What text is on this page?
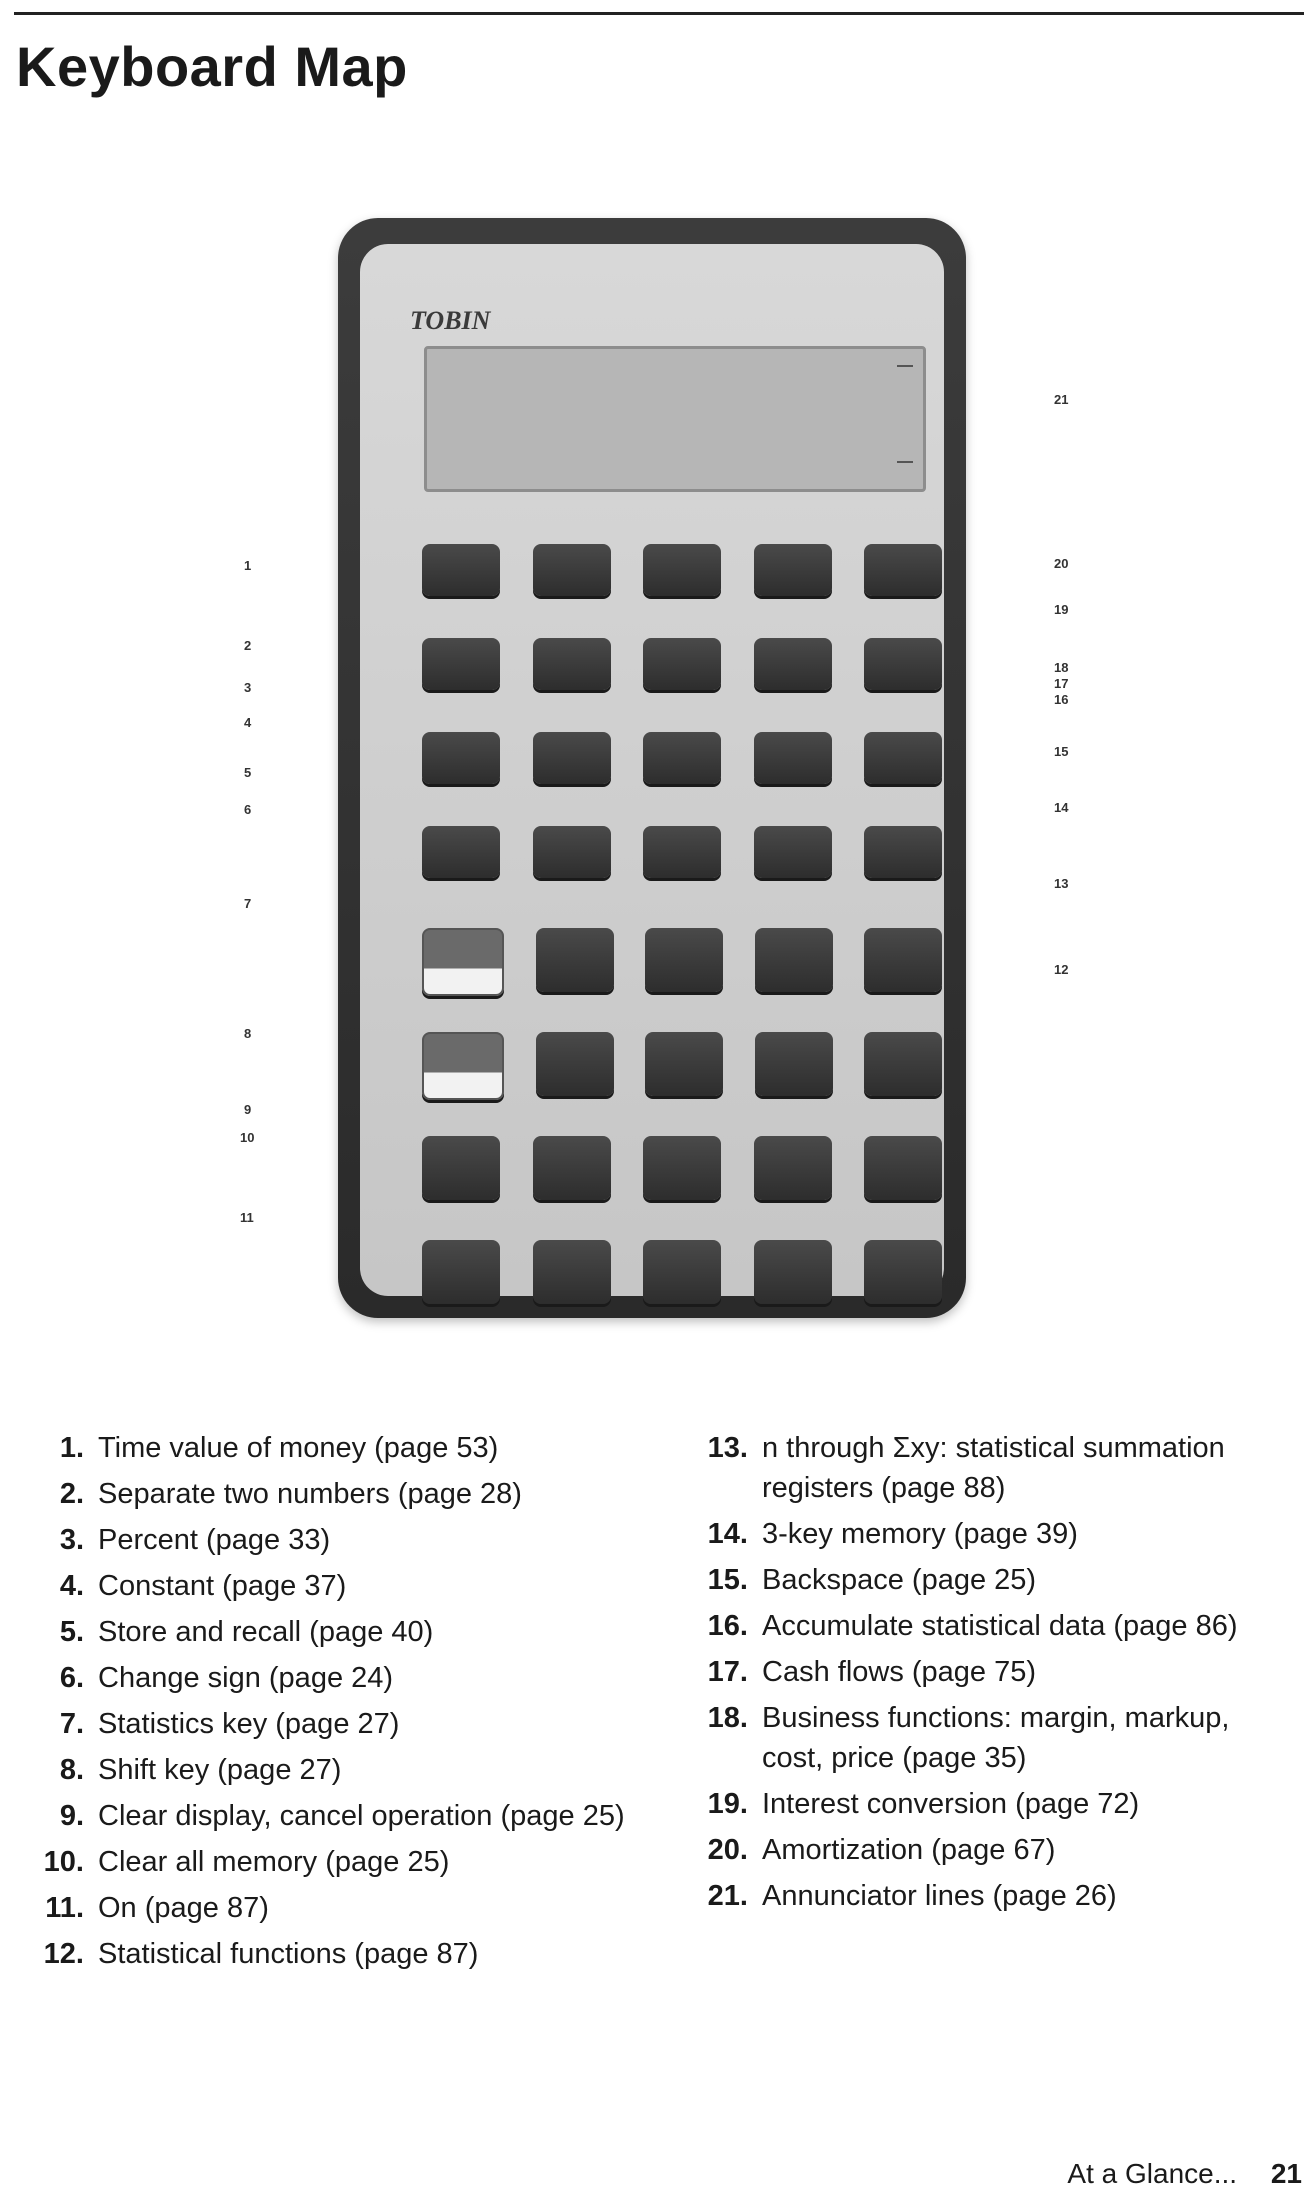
Keyboard Map
TOBIN
1
2
3
4
5
6
7
8
9
10
11
21
20
19
18
17
16
15
14
13
12
1. Time value of money (page 53)
2. Separate two numbers (page 28)
3. Percent (page 33)
4. Constant (page 37)
5. Store and recall (page 40)
6. Change sign (page 24)
7. Statistics key (page 27)
8. Shift key (page 27)
9. Clear display, cancel operation (page 25)
10. Clear all memory (page 25)
11. On (page 87)
12. Statistical functions (page 87)
13. n through Σxy: statistical summation registers (page 88)
14. 3-key memory (page 39)
15. Backspace (page 25)
16. Accumulate statistical data (page 86)
17. Cash flows (page 75)
18. Business functions: margin, markup, cost, price (page 35)
19. Interest conversion (page 72)
20. Amortization (page 67)
21. Annunciator lines (page 26)
At a Glance... 21
